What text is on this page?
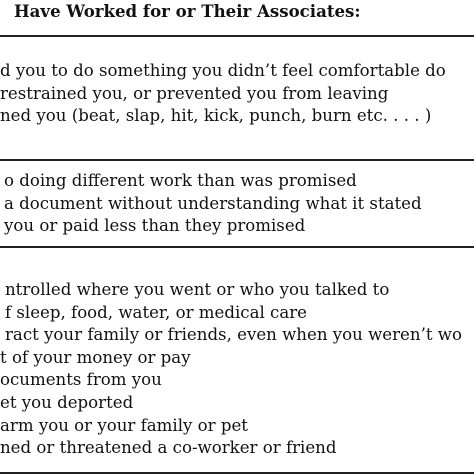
Have Worked for or Their Associates:
d you to do something you didn’t feel comfortable do
restrained you, or prevented you from leaving
ned you (beat, slap, hit, kick, punch, burn etc. . . . )
o doing different work than was promised
a document without understanding what it stated
you or paid less than they promised
ntrolled where you went or who you talked to
f sleep, food, water, or medical care
ract your family or friends, even when you weren’t wo
t of your money or pay
ocuments from you
et you deported
arm you or your family or pet
ned or threatened a co-worker or friend
